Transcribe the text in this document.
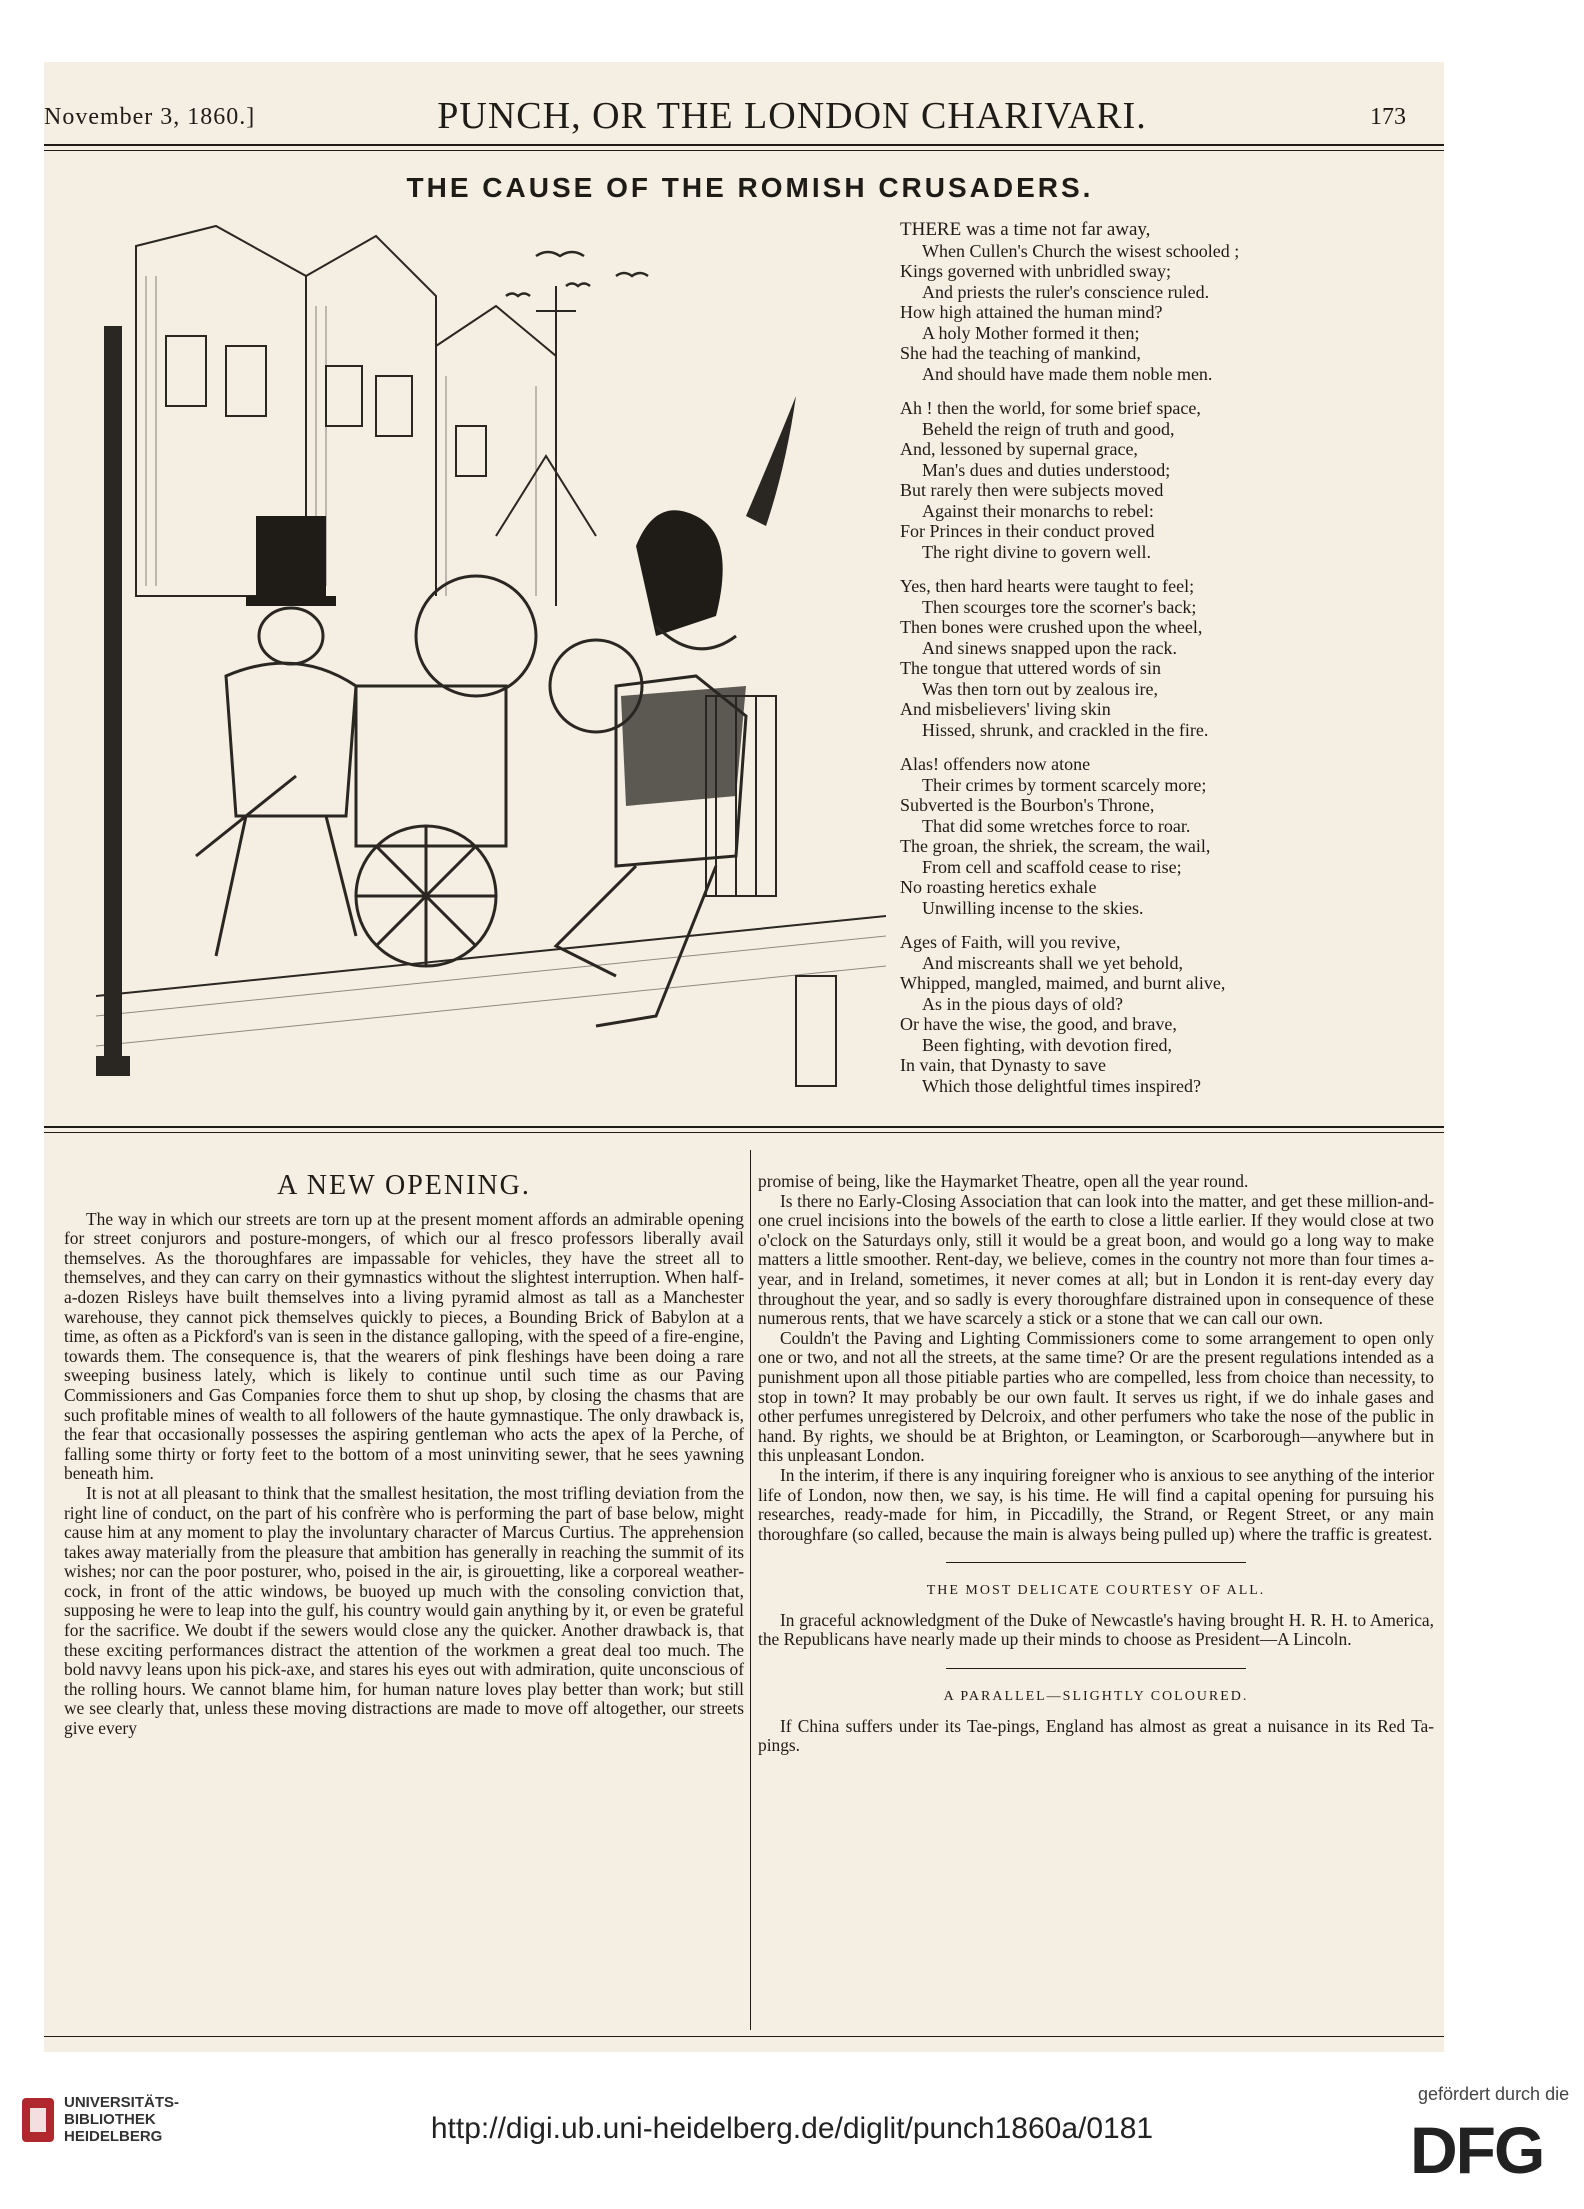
November 3, 1860.]	PUNCH, OR THE LONDON CHARIVARI.	173
THE CAUSE OF THE ROMISH CRUSADERS.
THERE was a time not far away,
When Cullen's Church the wisest schooled ;
Kings governed with unbridled sway;
And priests the ruler's conscience ruled.
How high attained the human mind?
A holy Mother formed it then;
She had the teaching of mankind,
And should have made them noble men.
Ah ! then the world, for some brief space,
Beheld the reign of truth and good,
And, lessoned by supernal grace,
Man's dues and duties understood;
But rarely then were subjects moved
Against their monarchs to rebel:
For Princes in their conduct proved
The right divine to govern well.
Yes, then hard hearts were taught to feel;
Then scourges tore the scorner's back;
Then bones were crushed upon the wheel,
And sinews snapped upon the rack.
The tongue that uttered words of sin
Was then torn out by zealous ire,
And misbelievers' living skin
Hissed, shrunk, and crackled in the fire.
Alas! offenders now atone
Their crimes by torment scarcely more;
Subverted is the Bourbon's Throne,
That did some wretches force to roar.
The groan, the shriek, the scream, the wail,
From cell and scaffold cease to rise;
No roasting heretics exhale
Unwilling incense to the skies.
Ages of Faith, will you revive,
And miscreants shall we yet behold,
Whipped, mangled, maimed, and burnt alive,
As in the pious days of old?
Or have the wise, the good, and brave,
Been fighting, with devotion fired,
In vain, that Dynasty to save
Which those delightful times inspired?
A NEW OPENING.

The way in which our streets are torn up at the present moment affords an admirable opening for street conjurors and posture-mongers, of which our al fresco professors liberally avail themselves. As the thoroughfares are impassable for vehicles, they have the street all to themselves, and they can carry on their gymnastics without the slightest interruption. When half-a-dozen Risleys have built themselves into a living pyramid almost as tall as a Manchester warehouse, they cannot pick themselves quickly to pieces, a Bounding Brick of Babylon at a time, as often as a Pickford's van is seen in the distance galloping, with the speed of a fire-engine, towards them. The consequence is, that the wearers of pink fleshings have been doing a rare sweeping business lately, which is likely to continue until such time as our Paving Commissioners and Gas Companies force them to shut up shop, by closing the chasms that are such profitable mines of wealth to all followers of the haute gymnastique. The only drawback is, the fear that occasionally possesses the aspiring gentleman who acts the apex of la Perche, of falling some thirty or forty feet to the bottom of a most uninviting sewer, that he sees yawning beneath him.

It is not at all pleasant to think that the smallest hesitation, the most trifling deviation from the right line of conduct, on the part of his confrère who is performing the part of base below, might cause him at any moment to play the involuntary character of Marcus Curtius. The apprehension takes away materially from the pleasure that ambition has generally in reaching the summit of its wishes; nor can the poor posturer, who, poised in the air, is girouetting, like a corporeal weather-cock, in front of the attic windows, be buoyed up much with the consoling conviction that, supposing he were to leap into the gulf, his country would gain anything by it, or even be grateful for the sacrifice. We doubt if the sewers would close any the quicker. Another drawback is, that these exciting performances distract the attention of the workmen a great deal too much. The bold navvy leans upon his pick-axe, and stares his eyes out with admiration, quite unconscious of the rolling hours. We cannot blame him, for human nature loves play better than work; but still we see clearly that, unless these moving distractions are made to move off altogether, our streets give every

promise of being, like the Haymarket Theatre, open all the year round.

Is there no Early-Closing Association that can look into the matter, and get these million-and-one cruel incisions into the bowels of the earth to close a little earlier. If they would close at two o'clock on the Saturdays only, still it would be a great boon, and would go a long way to make matters a little smoother. Rent-day, we believe, comes in the country not more than four times a-year, and in Ireland, sometimes, it never comes at all; but in London it is rent-day every day throughout the year, and so sadly is every thoroughfare distrained upon in consequence of these numerous rents, that we have scarcely a stick or a stone that we can call our own.

Couldn't the Paving and Lighting Commissioners come to some arrangement to open only one or two, and not all the streets, at the same time? Or are the present regulations intended as a punishment upon all those pitiable parties who are compelled, less from choice than necessity, to stop in town? It may probably be our own fault. It serves us right, if we do inhale gases and other perfumes unregistered by Delcroix, and other perfumers who take the nose of the public in hand. By rights, we should be at Brighton, or Leamington, or Scarborough—anywhere but in this unpleasant London.

In the interim, if there is any inquiring foreigner who is anxious to see anything of the interior life of London, now then, we say, is his time. He will find a capital opening for pursuing his researches, ready-made for him, in Piccadilly, the Strand, or Regent Street, or any main thoroughfare (so called, because the main is always being pulled up) where the traffic is greatest.

THE MOST DELICATE COURTESY OF ALL.

In graceful acknowledgment of the Duke of Newcastle's having brought H. R. H. to America, the Republicans have nearly made up their minds to choose as President—A Lincoln.

A PARALLEL—SLIGHTLY COLOURED.

If China suffers under its Tae-pings, England has almost as great a nuisance in its Red Ta-pings.

UNIVERSITÄTS-
BIBLIOTHEK
HEIDELBERG	http://digi.ub.uni-heidelberg.de/diglit/punch1860a/0181
gefördert durch die
DFG
